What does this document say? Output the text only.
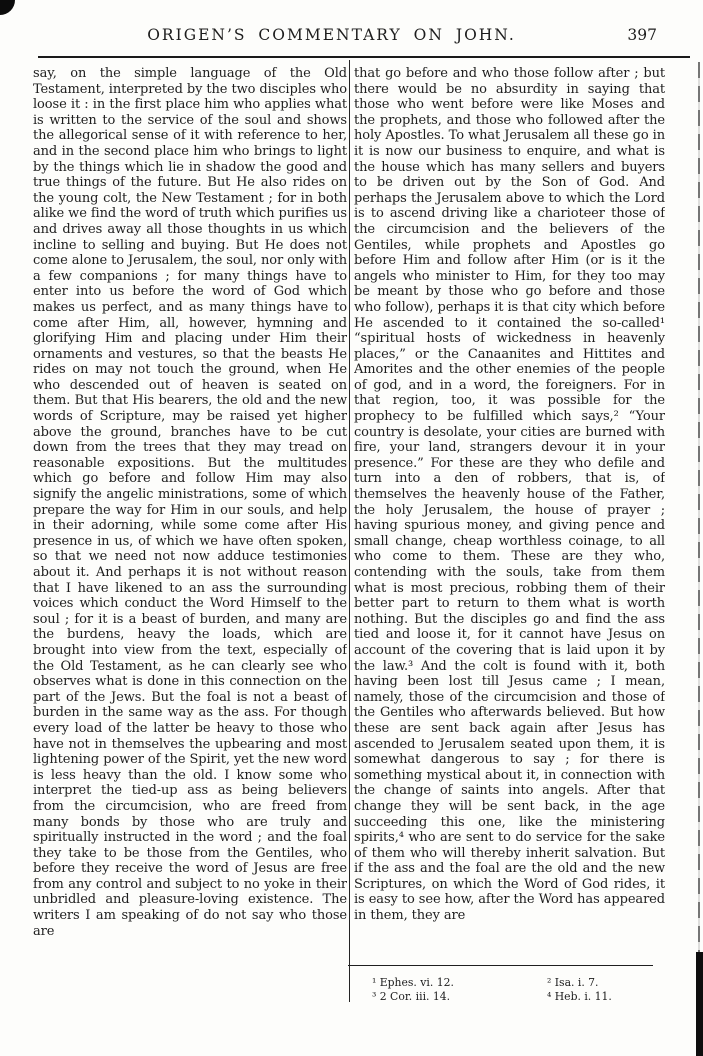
ORIGEN’S COMMENTARY ON JOHN.	397
say, on the simple language of the Old Testament, interpreted by the two disciples who loose it : in the first place him who applies what is written to the service of the soul and shows the allegorical sense of it with reference to her, and in the second place him who brings to light by the things which lie in shadow the good and true things of the future. But He also rides on the young colt, the New Testament ; for in both alike we find the word of truth which purifies us and drives away all those thoughts in us which incline to selling and buying. But He does not come alone to Jerusalem, the soul, nor only with a few companions ; for many things have to enter into us before the word of God which makes us perfect, and as many things have to come after Him, all, however, hymning and glorifying Him and placing under Him their ornaments and vestures, so that the beasts He rides on may not touch the ground, when He who descended out of heaven is seated on them. But that His bearers, the old and the new words of Scripture, may be raised yet higher above the ground, branches have to be cut down from the trees that they may tread on reasonable expositions. But the multitudes which go before and follow Him may also signify the angelic ministrations, some of which prepare the way for Him in our souls, and help in their adorning, while some come after His presence in us, of which we have often spoken, so that we need not now adduce testimonies about it. And perhaps it is not without reason that I have likened to an ass the surrounding voices which conduct the Word Himself to the soul ; for it is a beast of burden, and many are the burdens, heavy the loads, which are brought into view from the text, especially of the Old Testament, as he can clearly see who observes what is done in this connection on the part of the Jews. But the foal is not a beast of burden in the same way as the ass. For though every load of the latter be heavy to those who have not in themselves the upbearing and most lightening power of the Spirit, yet the new word is less heavy than the old. I know some who interpret the tied-up ass as being believers from the circumcision, who are freed from many bonds by those who are truly and spiritually instructed in the word ; and the foal they take to be those from the Gentiles, who before they receive the word of Jesus are free from any control and subject to no yoke in their unbridled and pleasure-loving existence. The writers I am speaking of do not say who those are
that go before and who those follow after ; but there would be no absurdity in saying that those who went before were like Moses and the prophets, and those who followed after the holy Apostles. To what Jerusalem all these go in it is now our business to enquire, and what is the house which has many sellers and buyers to be driven out by the Son of God. And perhaps the Jerusalem above to which the Lord is to ascend driving like a charioteer those of the circumcision and the believers of the Gentiles, while prophets and Apostles go before Him and follow after Him (or is it the angels who minister to Him, for they too may be meant by those who go before and those who follow), perhaps it is that city which before He ascended to it contained the so-called¹ “spiritual hosts of wickedness in heavenly places,” or the Canaanites and Hittites and Amorites and the other enemies of the people of god, and in a word, the foreigners. For in that region, too, it was possible for the prophecy to be fulfilled which says,² “Your country is desolate, your cities are burned with fire, your land, strangers devour it in your presence.” For these are they who defile and turn into a den of robbers, that is, of themselves the heavenly house of the Father, the holy Jerusalem, the house of prayer ; having spurious money, and giving pence and small change, cheap worthless coinage, to all who come to them. These are they who, contending with the souls, take from them what is most precious, robbing them of their better part to return to them what is worth nothing. But the disciples go and find the ass tied and loose it, for it cannot have Jesus on account of the covering that is laid upon it by the law.³ And the colt is found with it, both having been lost till Jesus came ; I mean, namely, those of the circumcision and those of the Gentiles who afterwards believed. But how these are sent back again after Jesus has ascended to Jerusalem seated upon them, it is somewhat dangerous to say ; for there is something mystical about it, in connection with the change of saints into angels. After that change they will be sent back, in the age succeeding this one, like the ministering spirits,⁴ who are sent to do service for the sake of them who will thereby inherit salvation. But if the ass and the foal are the old and the new Scriptures, on which the Word of God rides, it is easy to see how, after the Word has appeared in them, they are
¹ Ephes. vi. 12.
³ 2 Cor. iii. 14.
² Isa. i. 7.
⁴ Heb. i. 11.
